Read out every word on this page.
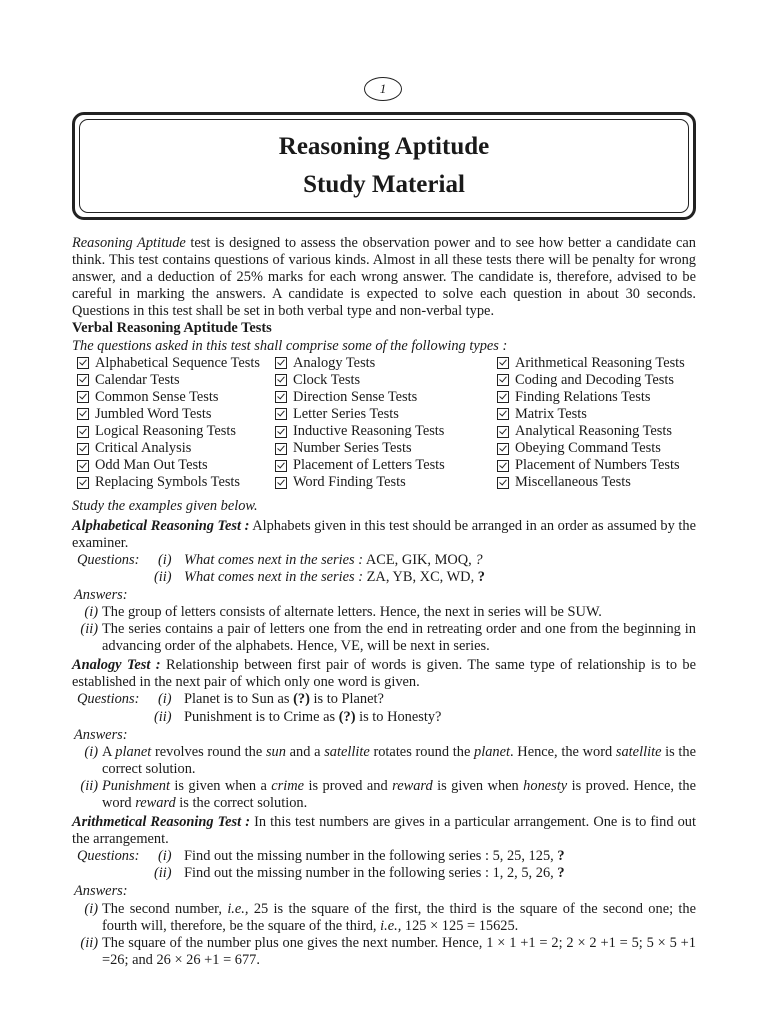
1
Reasoning Aptitude
Study Material

Reasoning Aptitude test is designed to assess the observation power and to see how better a candidate can think. This test contains questions of various kinds. Almost in all these tests there will be penalty for wrong answer, and a deduction of 25% marks for each wrong answer. The candidate is, therefore, advised to be careful in marking the answers. A candidate is expected to solve each question in about 30 seconds. Questions in this test shall be set in both verbal type and non-verbal type.

Verbal Reasoning Aptitude Tests

The questions asked in this test shall comprise some of the following types :

Alphabetical Sequence Tests
Calendar Tests
Common Sense Tests
Jumbled Word Tests
Logical Reasoning Tests
Critical Analysis
Odd Man Out Tests
Replacing Symbols Tests
Analogy Tests
Clock Tests
Direction Sense Tests
Letter Series Tests
Inductive Reasoning Tests
Number Series Tests
Placement of Letters Tests
Word Finding Tests
Arithmetical Reasoning Tests
Coding and Decoding Tests
Finding Relations Tests
Matrix Tests
Analytical Reasoning Tests
Obeying Command Tests
Placement of Numbers Tests
Miscellaneous Tests

Study the examples given below.

Alphabetical Reasoning Test : Alphabets given in this test should be arranged in an order as assumed by the examiner.

Questions:	(i) What comes next in the series : ACE, GIK, MOQ, ?
(ii) What comes next in the series : ZA, YB, XC, WD, ?

Answers:

(i) The group of letters consists of alternate letters. Hence, the next in series will be SUW.
(ii) The series contains a pair of letters one from the end in retreating order and one from the beginning in advancing order of the alphabets. Hence, VE, will be next in series.

Analogy Test : Relationship between first pair of words is given. The same type of relationship is to be established in the next pair of which only one word is given.

Questions:	(i) Planet is to Sun as (?) is to Planet?
(ii) Punishment is to Crime as (?) is to Honesty?

Answers:

(i) A planet revolves round the sun and a satellite rotates round the planet. Hence, the word satellite is the correct solution.
(ii) Punishment is given when a crime is proved and reward is given when honesty is proved. Hence, the word reward is the correct solution.

Arithmetical Reasoning Test : In this test numbers are gives in a particular arrangement. One is to find out the arrangement.

Questions:	(i) Find out the missing number in the following series : 5, 25, 125, ?
(ii) Find out the missing number in the following series : 1, 2, 5, 26, ?

Answers:

(i) The second number, i.e., 25 is the square of the first, the third is the square of the second one; the fourth will, therefore, be the square of the third, i.e., 125 × 125 = 15625.
(ii) The square of the number plus one gives the next number. Hence, 1 × 1 +1 = 2; 2 × 2 +1 = 5; 5 × 5 +1 =26; and 26 × 26 +1 = 677.
